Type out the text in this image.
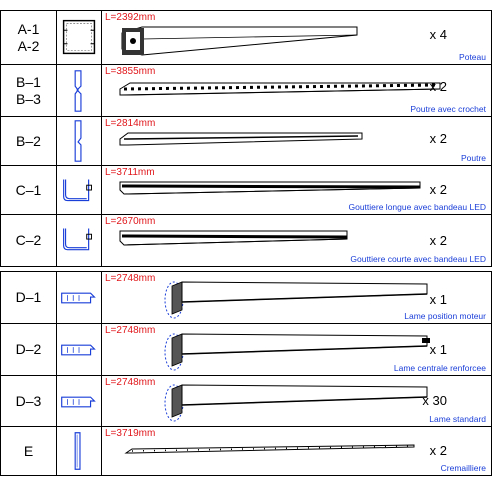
A-1
A-2
L=2392mm
x 4
Poteau
B–1
B–3
L=3855mm
x 2
Poutre avec crochet
B–2
L=2814mm
x 2
Poutre
C–1
L=3711mm
x 2
Gouttiere longue avec bandeau LED
C–2
L=2670mm
x 2
Gouttiere courte avec bandeau LED
D–1
L=2748mm
x 1
Lame position moteur
D–2
L=2748mm
x 1
Lame centrale renforcee
D–3
L=2748mm
x 30
Lame standard
E
L=3719mm
x 2
Cremailliere
